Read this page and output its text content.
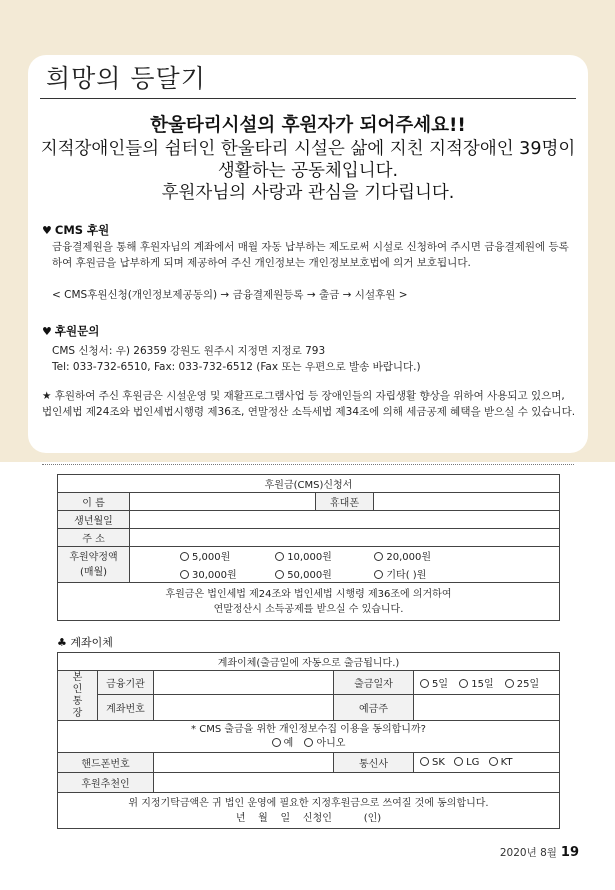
희망의 등달기
한울타리시설의 후원자가 되어주세요!!
지적장애인들의 쉼터인 한울타리 시설은 삶에 지친 지적장애인 39명이
생활하는 공동체입니다.
후원자님의 사랑과 관심을 기다립니다.
♥ CMS 후원
금융결제원을 통해 후원자님의 계좌에서 매월 자동 납부하는 제도로써 시설로 신청하여 주시면 금융결제원에 등록하여 후원금을 납부하게 되며 제공하여 주신 개인정보는 개인정보보호법에 의거 보호됩니다.
< CMS후원신청(개인정보제공동의) → 금융결제원등록 → 출금 → 시설후원 >
♥ 후원문의
CMS 신청서: 우) 26359 강원도 원주시 지정면 지정로 793
Tel: 033-732-6510, Fax: 033-732-6512 (Fax 또는 우편으로 발송 바랍니다.)
★ 후원하여 주신 후원금은 시설운영 및 재활프로그램사업 등 장애인들의 자립생활 향상을 위하여 사용되고 있으며, 법인세법 제24조와 법인세법시행령 제36조, 연말정산 소득세법 제34조에 의해 세금공제 혜택을 받으실 수 있습니다.
후원금(CMS)신청서			
이 름		휴대폰	
생년월일			
주 소			

후원약정액
(매월)	5,000원 10,000원 20,000원		
	30,000원 50,000원 기타( )원		

후원금은 법인세법 제24조와 법인세법 시행령 제36조에 의거하여
연말정산시 소득공제를 받으실 수 있습니다.			
♣ 계좌이체
계좌이체(출금일에 자동으로 출금됩니다.)				
본
인
통
장	금융기관		출금일자	5일 15일 25일
	계좌번호		예금주	

* CMS 출금을 위한 개인정보수집 이용을 동의합니까?
예 아니오				

핸드폰번호			통신사	SK LG KT
후원추천인				

위 지정기탁금액은 귀 법인 운영에 필요한 지정후원금으로 쓰여질 것에 동의합니다.
년    월    일    신청인          (인)				
2020년 8월 19
